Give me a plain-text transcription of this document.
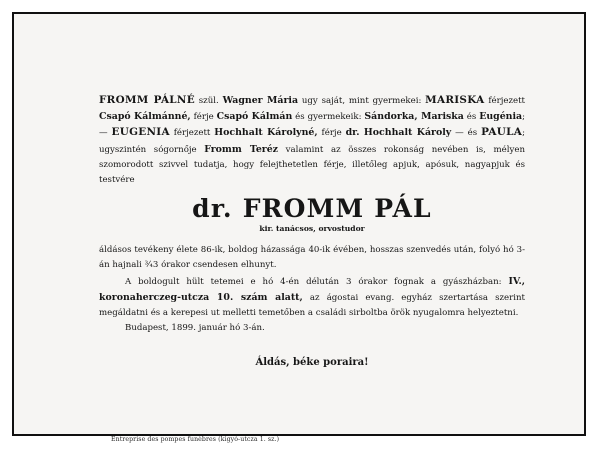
FROMM PÁLNÉ szül. Wagner Mária ugy saját, mint gyermekei: MARISKA férjezett Csapó Kálmánné, férje Csapó Kálmán és gyermekeik: Sándorka, Mariska és Eugénia; — EUGENIA férjezett Hochhalt Károlyné, férje dr. Hochhalt Károly — és PAULA; ugyszintén sógornője Fromm Teréz valamint az összes rokonság nevében is, mélyen szomorodott szivvel tudatja, hogy felejthetetlen férje, illetőleg apjuk, apósuk, nagyapjuk és testvére

dr. FROMM PÁL
kir. tanácsos, orvostudor

áldásos tevékeny élete 86-ik, boldog házassága 40-ik évében, hosszas szenvedés után, folyó hó 3-án hajnali ¾3 órakor csendesen elhunyt.

A boldogult hült tetemei e hó 4-én délután 3 órakor fognak a gyászházban: IV., koronaherczeg-utcza 10. szám alatt, az ágostai evang. egyház szertartása szerint megáldatni és a kerepesi ut melletti temetőben a családi sirboltba örök nyugalomra helyeztetni.

Budapest, 1899. január hó 3-án.

Áldás, béke poraira!
Entreprise des pompes funèbres (kigyó-utcza 1. sz.)
